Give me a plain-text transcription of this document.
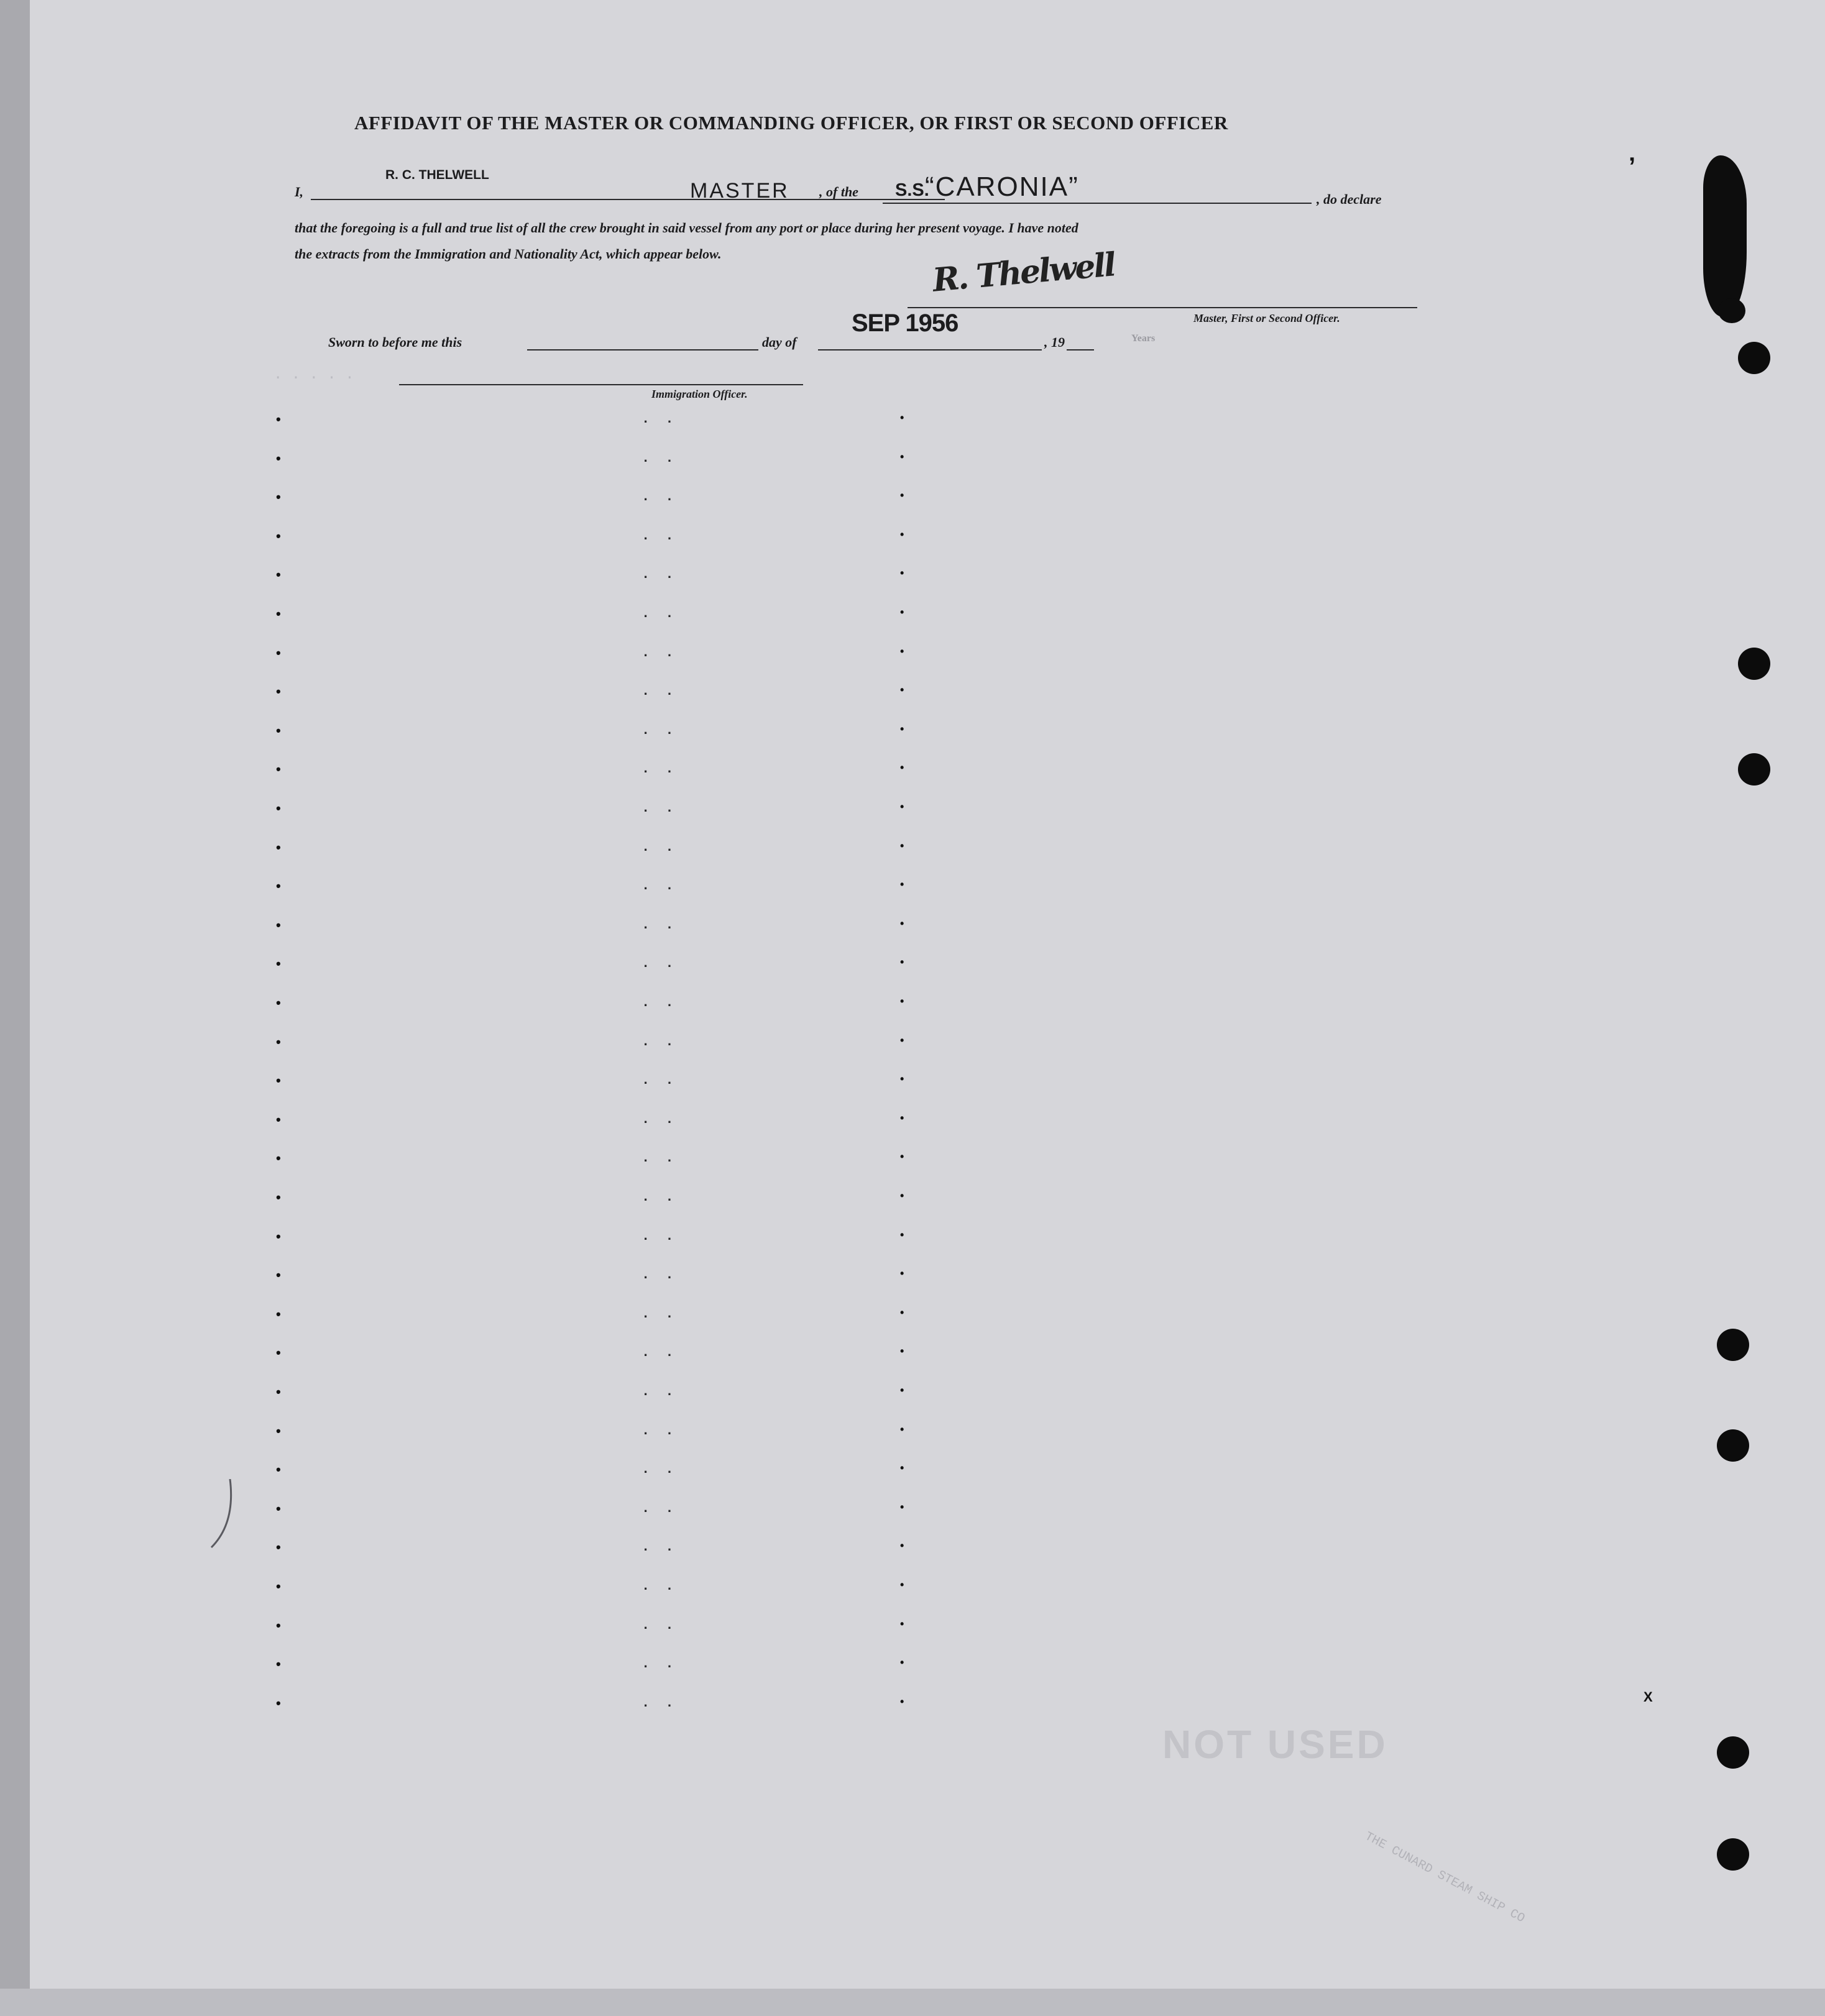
. . . . .
NOT USED
THE CUNARD STEAM SHIP CO
Years
AFFIDAVIT OF THE MASTER OR COMMANDING OFFICER, OR FIRST OR SECOND OFFICER
I,
R. C. THELWELL
MASTER , of the S.S.
“CARONIA”	, do declare
that the foregoing is a full and true list of all the crew brought in said vessel from any port or place during her present voyage. I have noted
the extracts from the Immigration and Nationality Act, which appear below.	R. Thelwell
Master, First or Second Officer.
Sworn to before me this	day of
SEP 1956
, 19
Immigration Officer.
•	. .	•
•	. .	•
•	. .	•
•	. .	•
•	. .	•
•	. .	•
•	. .	•
•	. .	•
•	. .	•
•	. .	•
•	. .	•
•	. .	•
•	. .	•
•	. .	•
•	. .	•
•	. .	•
•	. .	•
•	. .	•
•	. .	•
•	. .	•
•	. .	•
•	. .	•
•	. .	•
•	. .	•
•	. .	•
•	. .	•
•	. .	•
•	. .	•
•	. .	•
•	. .	•
•	. .	•
•	. .	•
•	. .	•
•	. .	•	X
’
